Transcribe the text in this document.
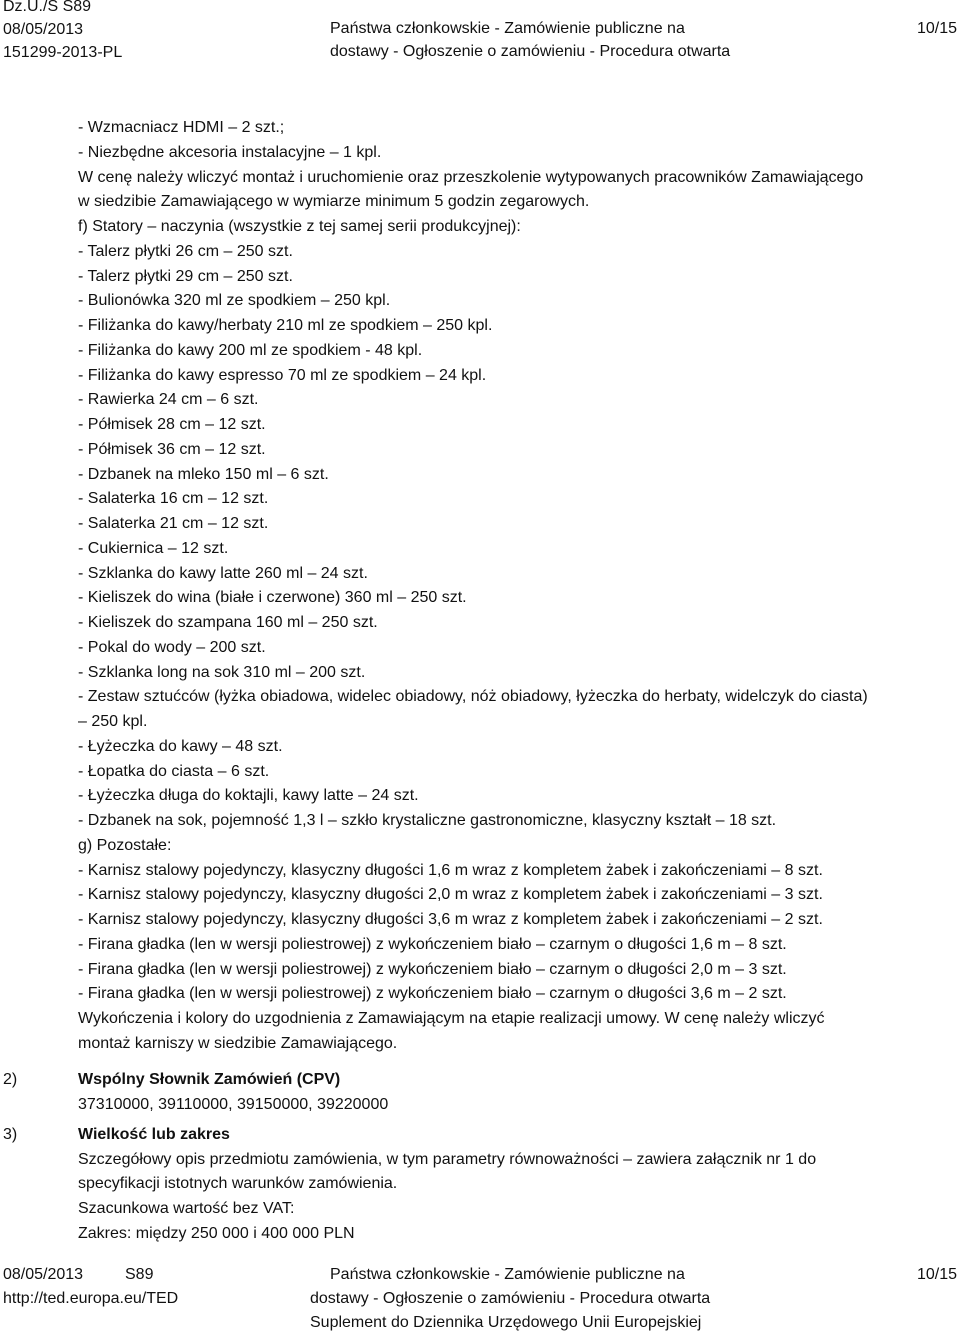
Dz.U./S S89
08/05/2013
151299-2013-PL
Państwa członkowskie - Zamówienie publiczne na
dostawy - Ogłoszenie o zamówieniu - Procedura otwarta
10/15
- Wzmacniacz HDMI – 2 szt.;
- Niezbędne akcesoria instalacyjne – 1 kpl.
W cenę należy wliczyć montaż i uruchomienie oraz przeszkolenie wytypowanych pracowników Zamawiającego
w siedzibie Zamawiającego w wymiarze minimum 5 godzin zegarowych.
f) Statory – naczynia (wszystkie z tej samej serii produkcyjnej):
- Talerz płytki 26 cm – 250 szt.
- Talerz płytki 29 cm – 250 szt.
- Bulionówka 320 ml ze spodkiem – 250 kpl.
- Filiżanka do kawy/herbaty 210 ml ze spodkiem – 250 kpl.
- Filiżanka do kawy 200 ml ze spodkiem - 48 kpl.
- Filiżanka do kawy espresso 70 ml ze spodkiem – 24 kpl.
- Rawierka 24 cm – 6 szt.
- Półmisek 28 cm – 12 szt.
- Półmisek 36 cm – 12 szt.
- Dzbanek na mleko 150 ml – 6 szt.
- Salaterka 16 cm – 12 szt.
- Salaterka 21 cm – 12 szt.
- Cukiernica – 12 szt.
- Szklanka do kawy latte 260 ml – 24 szt.
- Kieliszek do wina (białe i czerwone) 360 ml – 250 szt.
- Kieliszek do szampana 160 ml – 250 szt.
- Pokal do wody – 200 szt.
- Szklanka long na sok 310 ml – 200 szt.
- Zestaw sztućców (łyżka obiadowa, widelec obiadowy, nóż obiadowy, łyżeczka do herbaty, widelczyk do ciasta)
– 250 kpl.
- Łyżeczka do kawy – 48 szt.
- Łopatka do ciasta – 6 szt.
- Łyżeczka długa do koktajli, kawy latte – 24 szt.
- Dzbanek na sok, pojemność 1,3 l – szkło krystaliczne gastronomiczne, klasyczny kształt – 18 szt.
g) Pozostałe:
- Karnisz stalowy pojedynczy, klasyczny długości 1,6 m wraz z kompletem żabek i zakończeniami – 8 szt.
- Karnisz stalowy pojedynczy, klasyczny długości 2,0 m wraz z kompletem żabek i zakończeniami – 3 szt.
- Karnisz stalowy pojedynczy, klasyczny długości 3,6 m wraz z kompletem żabek i zakończeniami – 2 szt.
- Firana gładka (len w wersji poliestrowej) z wykończeniem biało – czarnym o długości 1,6 m – 8 szt.
- Firana gładka (len w wersji poliestrowej) z wykończeniem biało – czarnym o długości 2,0 m – 3 szt.
- Firana gładka (len w wersji poliestrowej) z wykończeniem biało – czarnym o długości 3,6 m – 2 szt.
Wykończenia i kolory do uzgodnienia z Zamawiającym na etapie realizacji umowy. W cenę należy wliczyć
montaż karniszy w siedzibie Zamawiającego.
2)	Wspólny Słownik Zamówień (CPV)
37310000, 39110000, 39150000, 39220000
3)	Wielkość lub zakres
Szczegółowy opis przedmiotu zamówienia, w tym parametry równoważności – zawiera załącznik nr 1 do
specyfikacji istotnych warunków zamówienia.
Szacunkowa wartość bez VAT:
Zakres: między 250 000 i 400 000 PLN
08/05/2013	S89
http://ted.europa.eu/TED
Państwa członkowskie - Zamówienie publiczne na
dostawy - Ogłoszenie o zamówieniu - Procedura otwarta
Suplement do Dziennika Urzędowego Unii Europejskiej
10/15
